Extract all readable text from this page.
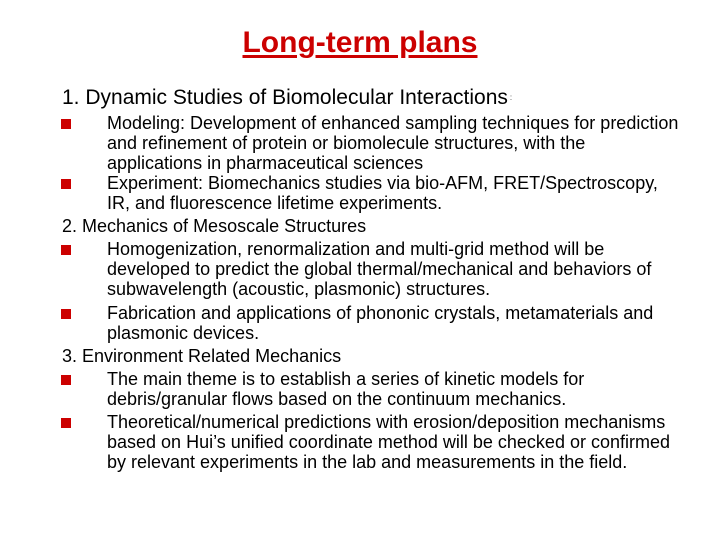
Long-term plans
1. Dynamic Studies of Biomolecular Interactions :
Modeling: Development of enhanced sampling techniques for prediction and refinement of protein or biomolecule structures, with the applications in pharmaceutical sciences
Experiment: Biomechanics studies via bio-AFM, FRET/Spectroscopy, IR, and fluorescence lifetime experiments.
2. Mechanics of Mesoscale Structures
Homogenization, renormalization and multi-grid method will be developed to predict the global thermal/mechanical and behaviors of subwavelength (acoustic, plasmonic) structures.
Fabrication and applications of phononic crystals, metamaterials and plasmonic devices.
3. Environment Related Mechanics
The main theme is to establish a series of kinetic models for debris/granular flows based on the continuum mechanics.
Theoretical/numerical predictions with erosion/deposition mechanisms based on Hui’s unified coordinate method will be checked or confirmed by relevant experiments in the lab and measurements in the field.
